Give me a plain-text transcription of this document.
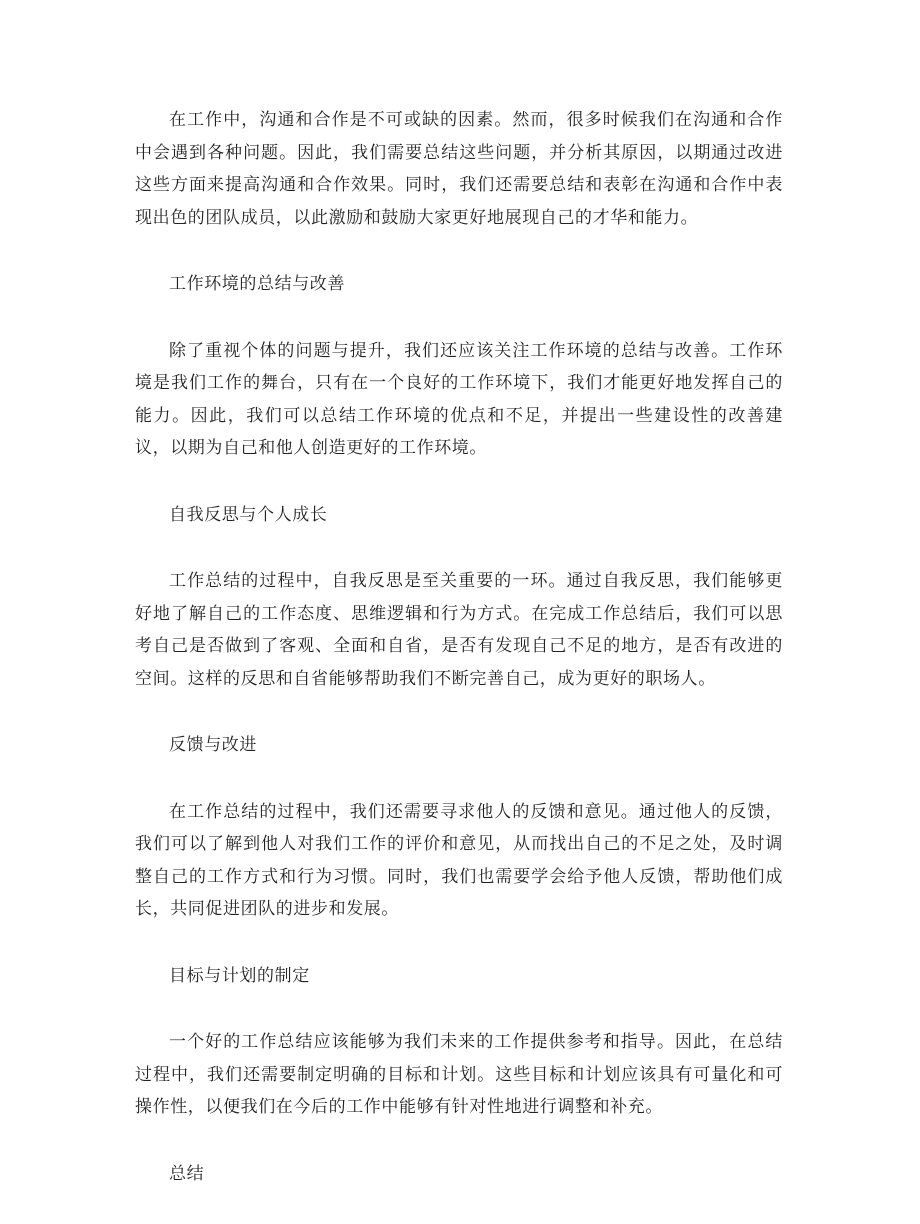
在工作中，沟通和合作是不可或缺的因素。然而，很多时候我们在沟通和合作中会遇到各种问题。因此，我们需要总结这些问题，并分析其原因，以期通过改进这些方面来提高沟通和合作效果。同时，我们还需要总结和表彰在沟通和合作中表现出色的团队成员，以此激励和鼓励大家更好地展现自己的才华和能力。

工作环境的总结与改善

除了重视个体的问题与提升，我们还应该关注工作环境的总结与改善。工作环境是我们工作的舞台，只有在一个良好的工作环境下，我们才能更好地发挥自己的能力。因此，我们可以总结工作环境的优点和不足，并提出一些建设性的改善建议，以期为自己和他人创造更好的工作环境。

自我反思与个人成长

工作总结的过程中，自我反思是至关重要的一环。通过自我反思，我们能够更好地了解自己的工作态度、思维逻辑和行为方式。在完成工作总结后，我们可以思考自己是否做到了客观、全面和自省，是否有发现自己不足的地方，是否有改进的空间。这样的反思和自省能够帮助我们不断完善自己，成为更好的职场人。

反馈与改进

在工作总结的过程中，我们还需要寻求他人的反馈和意见。通过他人的反馈，我们可以了解到他人对我们工作的评价和意见，从而找出自己的不足之处，及时调整自己的工作方式和行为习惯。同时，我们也需要学会给予他人反馈，帮助他们成长，共同促进团队的进步和发展。

目标与计划的制定

一个好的工作总结应该能够为我们未来的工作提供参考和指导。因此，在总结过程中，我们还需要制定明确的目标和计划。这些目标和计划应该具有可量化和可操作性，以便我们在今后的工作中能够有针对性地进行调整和补充。

总结
